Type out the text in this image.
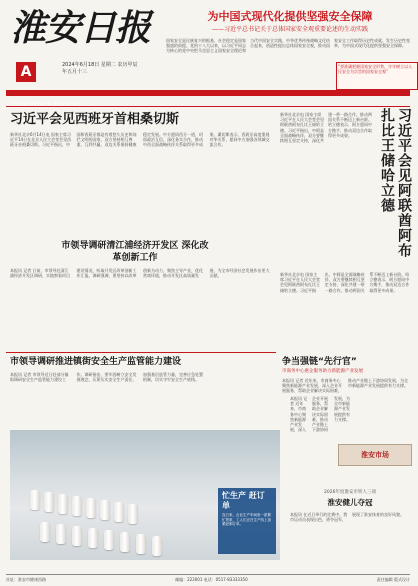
淮安日报
A	2024年6月18日 星期二 农历甲辰年五月十三
主管主办 中共淮安市委 淮安日报社出版
为中国式现代化提供坚强安全保障
——习近平总书记关于总体国家安全观重要论述的生动实践
国家安全是民族复兴的根基，社会稳定是国家强盛的前提。党的十八大以来，以习近平同志为核心的党中央把马克思主义国家安全理论和当代中国安全实践、中华优秀传统战略文化结合起来，创造性提出总体国家安全观，推动国家安全工作取得历史性成就、发生历史性变革，为中国式现代化提供坚强安全保障。
“要准确把握国家安全形势，牢牢树立以人民安全为宗旨的国家安全观”
习近平会见西班牙首相桑切斯
新华社北京6月14日电 国家主席习近平14日在北京人民大会堂会见西班牙首相桑切斯。习近平指出，中国和西班牙都是有着悠久历史和灿烂文明的国家，双方坚持相互尊重、互利共赢，双边关系保持健康稳定发展。中方愿同西方一道，巩固政治互信，深化务实合作，推动中西全面战略伙伴关系取得更多成果。桑切斯表示，西班牙高度重视对华关系，愿同中方加强各领域交流合作。
新华社北京电 国家主席习近平在人民大会堂会见阿联酋阿布扎比王储哈立德。习近平指出，中阿是全面战略伙伴，双方要继续相互坚定支持，深化共建一带一路合作，推动两国关系不断迈上新台阶。哈立德表示，阿方愿同中方携手，推动双边合作取得更多成果。	习近平会见阿联酋阿布扎比王储哈立德
市领导调研清江浦经济开发区 深化改革创新工作
本报讯 记者 日前，市领导赴清江浦经济开发区调研，实地察看项目建设情况，听取开发区改革创新工作汇报。调研强调，要坚持以改革创新为动力，聚焦主导产业，优化营商环境，推动开发区高质量发展，为全市经济社会发展作出更大贡献。	新华社北京电 国家主席习近平在人民大会堂会见阿联酋阿布扎比王储哈立德。习近平指出，中阿是全面战略伙伴，双方要继续相互坚定支持，深化共建一带一路合作，推动两国关系不断迈上新台阶。哈立德表示，阿方愿同中方携手，推动双边合作取得更多成果。
市领导调研推进镇街安全生产监管能力建设
本报讯 记者 市领导近日赴部分镇街调研安全生产监管能力建设工作。调研指出，要牢固树立安全发展理念，压紧压实安全生产责任，加强基层监管力量，完善应急处置机制，切实守牢安全生产底线。
争当强链“先行官”
市商务中心惠企服务助力新能源产业发展
本报讯 记者 近年来，市商务中心聚焦新能源产业发展，深入企业开展服务，帮助企业解决实际困难，推动产业链上下游协同发展，为全市新能源产业发展提供有力支撑。
忙生产 赶订单
连日来，企业生产车间里一派繁忙景象，工人们正在生产线上加紧赶制订单。
本报讯 记者 近年来，市商务中心聚焦新能源产业发展，深入企业开展服务，帮助企业解决实际困难，推动产业链上下游协同发展，为全市新能源产业发展提供有力支撑。
淮安市场
2026年度淮安市铁人三项
淮安健儿夺冠
本报讯 在近日举行的比赛中，我市运动员表现出色，勇夺冠军，展现了淮安体育的良好风貌。
社址：淮安市健康西路	邮编：223001 电话：0517-83333350	责任编辑 版式设计
